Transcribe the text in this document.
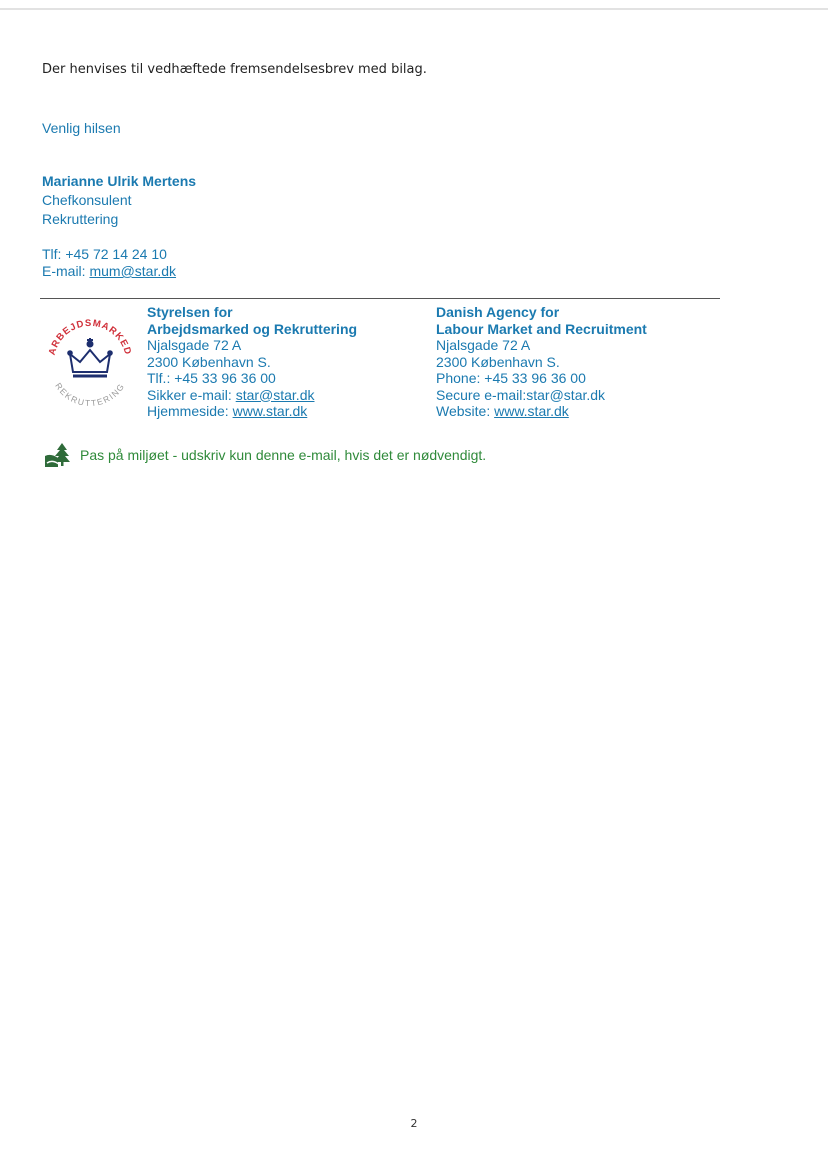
Der henvises til vedhæftede fremsendelsesbrev med bilag.
Venlig hilsen
Marianne Ulrik Mertens
Chefkonsulent
Rekruttering
Tlf: +45 72 14 24 10
E-mail: mum@star.dk
ARBEJDSMARKED
REKRUTTERING
Styrelsen for
Arbejdsmarked og Rekruttering
Njalsgade 72 A
2300 København S.
Tlf.: +45 33 96 36 00
Sikker e-mail: star@star.dk
Hjemmeside: www.star.dk
Danish Agency for
Labour Market and Recruitment
Njalsgade 72 A
2300 København S.
Phone: +45 33 96 36 00
Secure e-mail:star@star.dk
Website: www.star.dk
Pas på miljøet - udskriv kun denne e-mail, hvis det er nødvendigt.
2
